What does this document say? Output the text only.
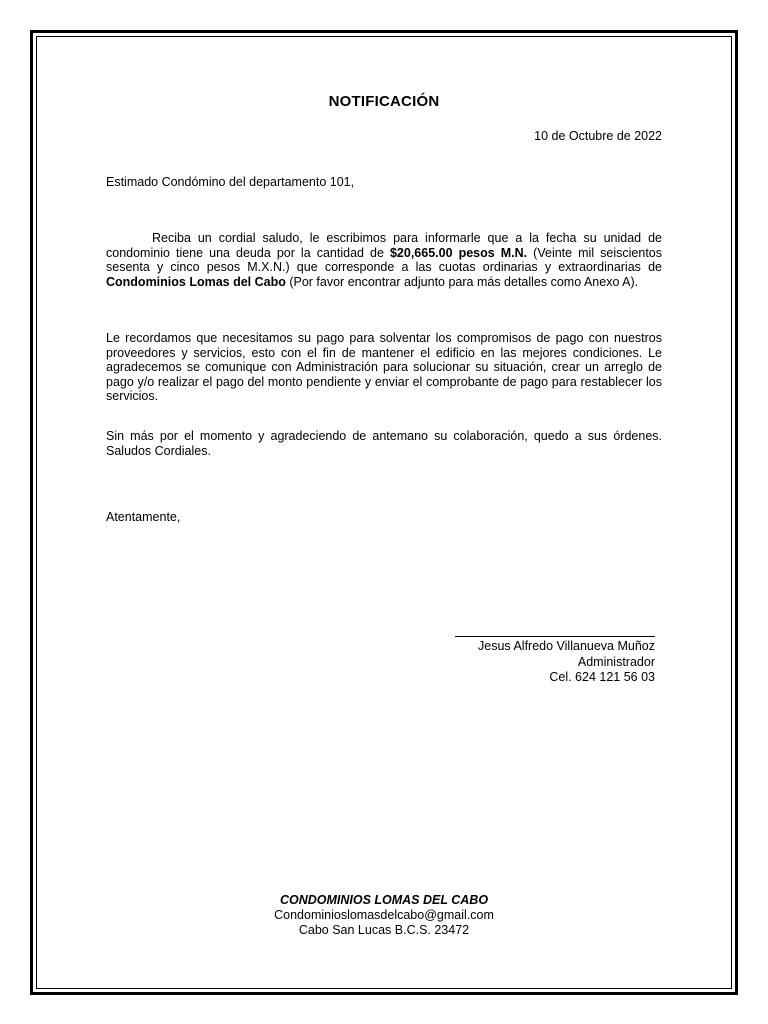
NOTIFICACIÓN
10 de Octubre de 2022
Estimado Condómino del departamento 101,

Reciba un cordial saludo, le escribimos para informarle que a la fecha su unidad de condominio tiene una deuda por la cantidad de $20,665.00 pesos M.N. (Veinte mil seiscientos sesenta y cinco pesos M.X.N.) que corresponde a las cuotas ordinarias y extraordinarias de Condominios Lomas del Cabo (Por favor encontrar adjunto para más detalles como Anexo A).

Le recordamos que necesitamos su pago para solventar los compromisos de pago con nuestros proveedores y servicios, esto con el fin de mantener el edificio en las mejores condiciones. Le agradecemos se comunique con Administración para solucionar su situación, crear un arreglo de pago y/o realizar el pago del monto pendiente y enviar el comprobante de pago para restablecer los servicios.

Sin más por el momento y agradeciendo de antemano su colaboración, quedo a sus órdenes. Saludos Cordiales.

Atentamente,
Jesus Alfredo Villanueva Muñoz
Administrador
Cel. 624 121 56 03
CONDOMINIOS LOMAS DEL CABO
Condominioslomasdelcabo@gmail.com
Cabo San Lucas B.C.S. 23472
